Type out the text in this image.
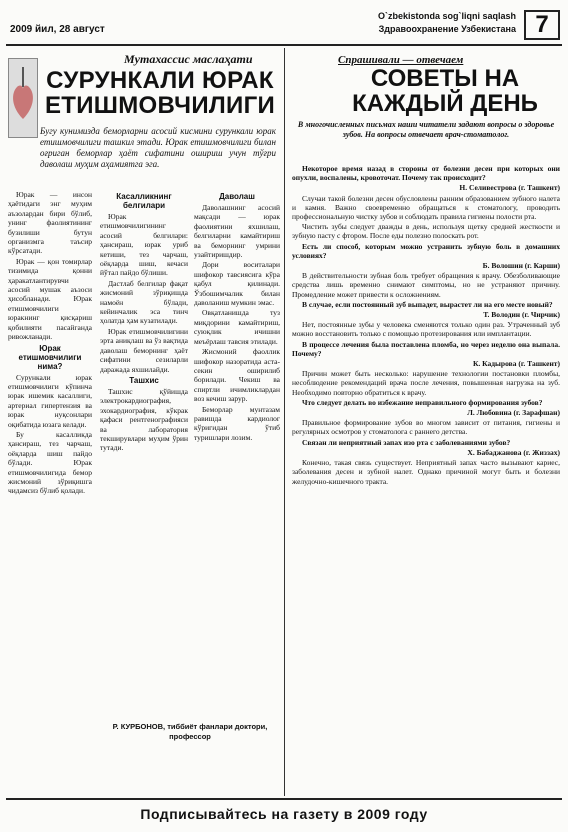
2009 йил, 28 август
O`zbekistonda sog`liqni saqlash
Здравоохранение Узбекистана 7
Мутахассис маслаҳати
СУРУНКАЛИ ЮРАК ЕТИШМОВЧИЛИГИ

Бугу кунимизда беморларни асосий кисмини сурункали юрак етишмовчилиги ташкил этади. Юрак етишмовчилиги билан оғриган беморлар ҳаёт сифатини ошириш учун тўғри даволаш муҳим аҳамиятга эга.

Юрак — инсон ҳаётидаги энг муҳим аъзолардан бири бўлиб, унинг фаолиятининг бузилиши бутун организмга таъсир кўрсатади.

Юрак — қон томирлар тизимида қонни ҳаракатлантирувчи асосий мушак аъзоси ҳисобланади. Юрак етишмовчилиги юракнинг қисқариш қобилияти пасайганда ривожланади.

Юрак етишмовчилиги нима?

Сурункали юрак етишмовчилиги кўпинча юрак ишемик касаллиги, артериал гипертензия ва юрак нуқсонлари оқибатида юзага келади.

Бу касалликда ҳансираш, тез чарчаш, оёқларда шиш пайдо бўлади. Юрак етишмовчилигида бемор жисмоний зўриқишга чидамсиз бўлиб қолади.

Касалликнинг белгилари

Юрак етишмовчилигининг асосий белгилари: ҳансираш, юрак уриб кетиши, тез чарчаш, оёқларда шиш, кечаси йўтал пайдо бўлиши.

Дастлаб белгилар фақат жисмоний зўриқишда намоён бўлади, кейинчалик эса тинч ҳолатда ҳам кузатилади.

Юрак етишмовчилигини эрта аниқлаш ва ўз вақтида даволаш беморнинг ҳаёт сифатини сезиларли даражада яхшилайди.

Ташхис

Ташхис қўйишда электрокардиография, эхокардиография, кўкрак қафаси рентгенографияси ва лаборатория текширувлари муҳим ўрин тутади.

Даволаш

Даволашнинг асосий мақсади — юрак фаолиятини яхшилаш, белгиларни камайтириш ва беморнинг умрини узайтиришдир.

Дори воситалари шифокор тавсиясига кўра қабул қилинади. Ўзбошимчалик билан даволаниш мумкин эмас.

Овқатланишда туз миқдорини камайтириш, суюқлик ичишни меъёрлаш тавсия этилади.

Жисмоний фаоллик шифокор назоратида аста-секин оширилиб борилади. Чекиш ва спиртли ичимликлардан воз кечиш зарур.

Беморлар мунтазам равишда кардиолог кўригидан ўтиб туришлари лозим.

Р. КУРБОНОВ, тиббиёт фанлари доктори, профессор
Спрашивали — отвечаем
СОВЕТЫ НА КАЖДЫЙ ДЕНЬ

В многочисленных письмах наши читатели задают вопросы о здоровье зубов. На вопросы отвечает врач-стоматолог.

Некоторое время назад в стороны от болезни десен при которых они опухли, воспалены, кровоточат. Почему так происходит?

Н. Селивестрова (г. Ташкент)

Случаи такой болезни десен обусловлены ранним образованием зубного налета и камня. Важно своевременно обращаться к стоматологу, проводить профессиональную чистку зубов и соблюдать правила гигиены полости рта.

Чистить зубы следует дважды в день, используя щетку средней жесткости и зубную пасту с фтором. После еды полезно полоскать рот.

Есть ли способ, которым можно устранить зубную боль в домашних условиях?

Б. Волошин (г. Карши)

В действительности зубная боль требует обращения к врачу. Обезболивающие средства лишь временно снимают симптомы, но не устраняют причину. Промедление может привести к осложнениям.

В случае, если постоянный зуб выпадет, вырастет ли на его месте новый?

Т. Володин (г. Чирчик)

Нет, постоянные зубы у человека сменяются только один раз. Утраченный зуб можно восстановить только с помощью протезирования или имплантации.

В процессе лечения была поставлена пломба, но через неделю она выпала. Почему?

К. Кадырова (г. Ташкент)

Причин может быть несколько: нарушение технологии постановки пломбы, несоблюдение рекомендаций врача после лечения, повышенная нагрузка на зуб. Необходимо повторно обратиться к врачу.

Что следует делать во избежание неправильного формирования зубов?

Л. Любовина (г. Зарафшан)

Правильное формирование зубов во многом зависит от питания, гигиены и регулярных осмотров у стоматолога с раннего детства.

Связан ли неприятный запах изо рта с заболеваниями зубов?

Х. Бабаджанова (г. Жиззах)

Конечно, такая связь существует. Неприятный запах часто вызывают кариес, заболевания десен и зубной налет. Однако причиной могут быть и болезни желудочно-кишечного тракта.

Подписывайтесь на газету в 2009 году
